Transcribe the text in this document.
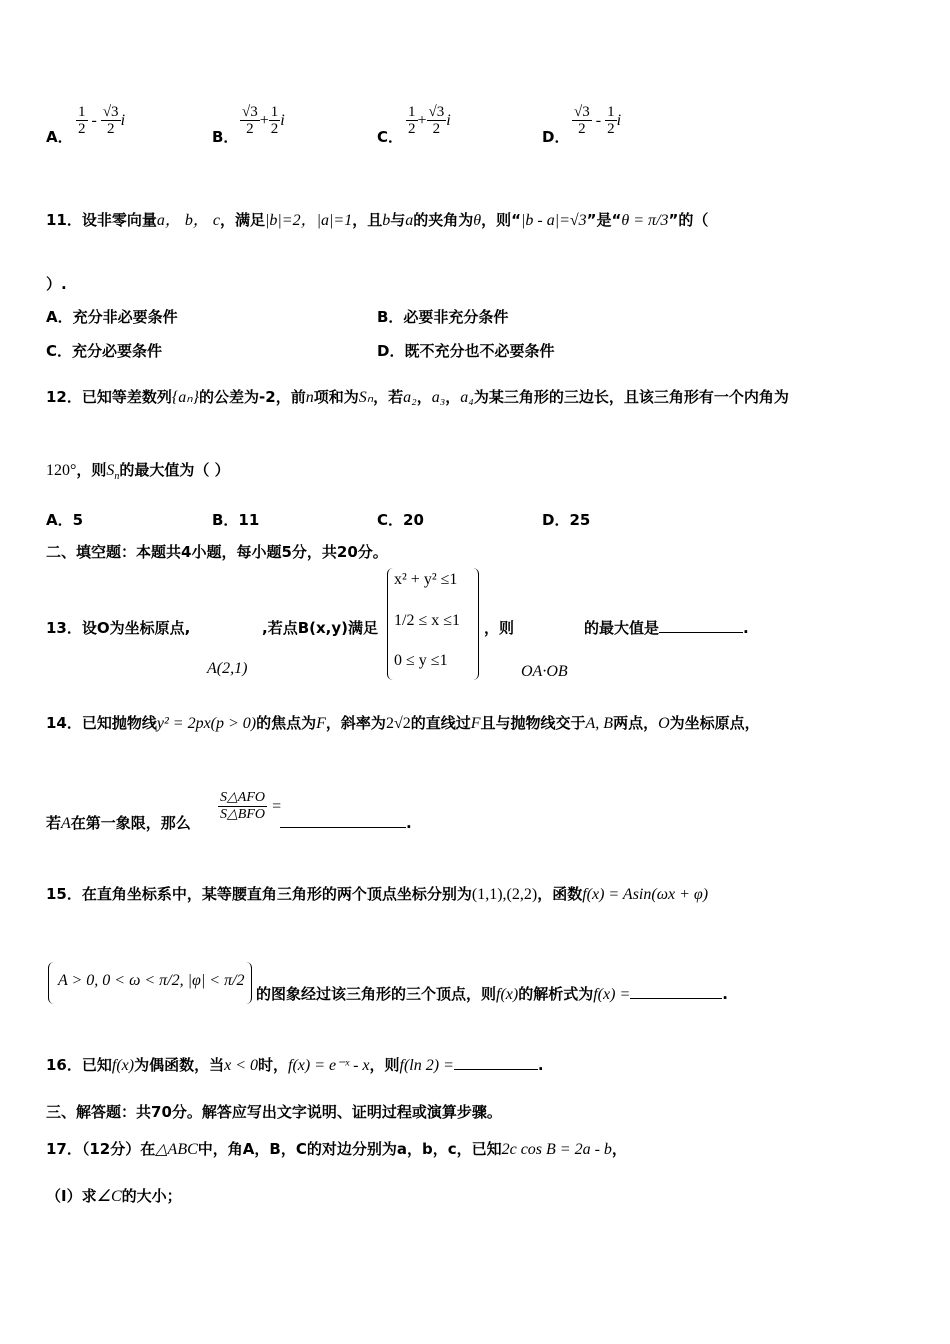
A． $\frac{1}{2} - \frac{√3}{2}$ i
B． $\frac{√3}{2} + \frac{1}{2}$ i
C． $\frac{1}{2} + \frac{√3}{2}$ i
D． $\frac{√3}{2} - \frac{1}{2}$ i
11．设非零向量a， b， c，满足|b|=2，|a|=1，且b与a的夹角为θ，则“|b - a|=√3”是“θ = π/3”的（
）.
A．充分非必要条件	B．必要非充分条件
C．充分必要条件	D．既不充分也不必要条件
12．已知等差数列{aₙ}的公差为-2，前n项和为Sₙ，若a₂，a₃，a₄为某三角形的三边长，且该三角形有一个内角为
120°，则$S_n$的最大值为（ ）
A．5	B．11	C．20	D．25
二、填空题：本题共4小题，每小题5分，共20分。
13．设O为坐标原点,	,若点B(x,y)满足
x² + y² ≤1
1/2 ≤ x ≤1
0 ≤ y ≤1
，则	的最大值是	.
A(2,1)	OA·OB
14．已知抛物线y² = 2px(p > 0)的焦点为F，斜率为2√2的直线过F且与抛物线交于A, B两点，O为坐标原点，
若A在第一象限，那么 $\frac{\text{S△AFO}}{\text{S△BFO}}$ =
.
15．在直角坐标系中，某等腰直角三角形的两个顶点坐标分别为(1,1),(2,2)，函数f(x) = Asin(ωx + φ)
A > 0, 0 < ω < π/2, |φ| < π/2
的图象经过该三角形的三个顶点，则f(x)的解析式为f(x) =	.
16．已知f(x)为偶函数，当x < 0时，f(x) = e⁻ˣ - x，则f(ln 2) =	.
三、解答题：共70分。解答应写出文字说明、证明过程或演算步骤。
17．（12分）在△ABC中，角A，B，C的对边分别为a，b，c，已知2c cos B = 2a - b，
（Ⅰ）求∠C的大小；
